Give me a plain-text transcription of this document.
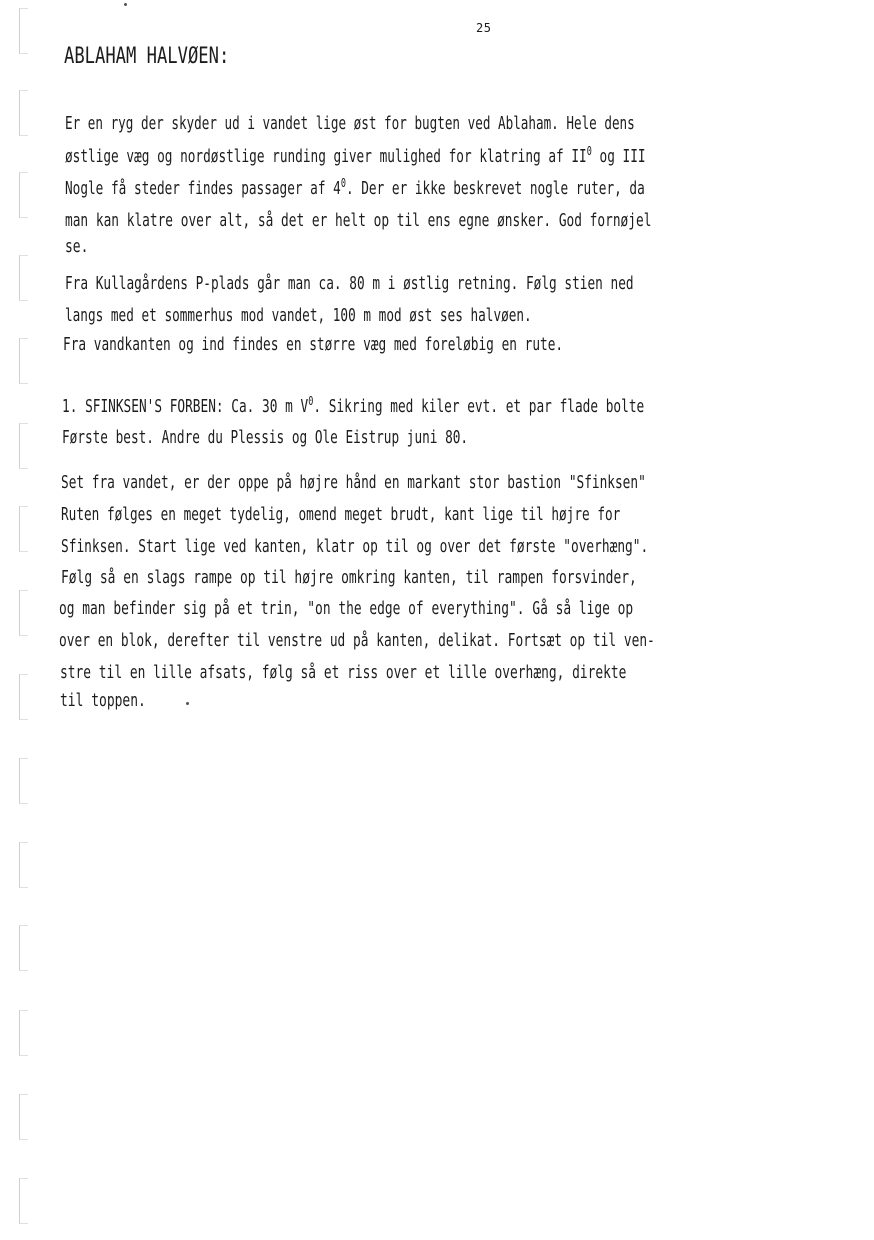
25
ABLAHAM HALVØEN:
Er en ryg der skyder ud i vandet lige øst for bugten ved Ablaham. Hele dens
østlige væg og nordøstlige runding giver mulighed for klatring af $II^0$ og III
Nogle få steder findes passager af $4^0$. Der er ikke beskrevet nogle ruter, da
man kan klatre over alt, så det er helt op til ens egne ønsker. God fornøjel
se.
Fra Kullagårdens P-plads går man ca. 80 m i østlig retning. Følg stien ned
langs med et sommerhus mod vandet, 100 m mod øst ses halvøen.
Fra vandkanten og ind findes en større væg med foreløbig en rute.
1. SFINKSEN'S FORBEN: Ca. 30 m $V^0$. Sikring med kiler evt. et par flade bolte
Første best. Andre du Plessis og Ole Eistrup juni 80.
Set fra vandet, er der oppe på højre hånd en markant stor bastion "Sfinksen"
Ruten følges en meget tydelig, omend meget brudt, kant lige til højre for
Sfinksen. Start lige ved kanten, klatr op til og over det første "overhæng".
Følg så en slags rampe op til højre omkring kanten, til rampen forsvinder,
og man befinder sig på et trin, "on the edge of everything". Gå så lige op
over en blok, derefter til venstre ud på kanten, delikat. Fortsæt op til ven-
stre til en lille afsats, følg så et riss over et lille overhæng, direkte
til toppen.
